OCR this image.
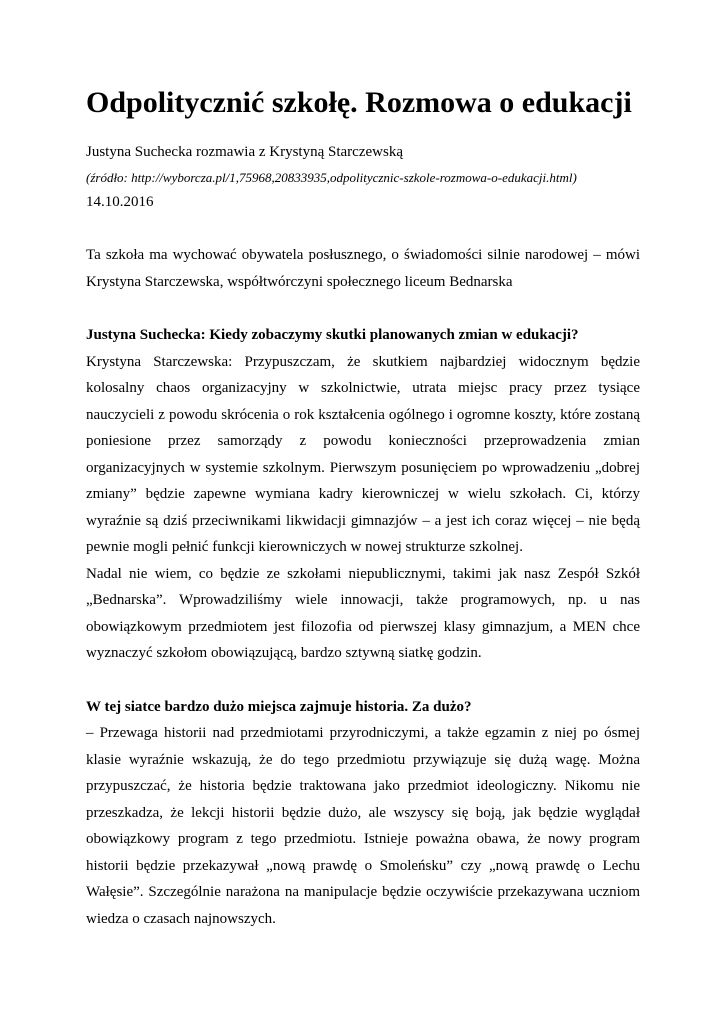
Odpolitycznić szkołę. Rozmowa o edukacji

Justyna Suchecka rozmawia z Krystyną Starczewską

(źródło: http://wyborcza.pl/1,75968,20833935,odpolitycznic-szkole-rozmowa-o-edukacji.html)

14.10.2016

Ta szkoła ma wychować obywatela posłusznego, o świadomości silnie narodowej – mówi Krystyna Starczewska, współtwórczyni społecznego liceum Bednarska

Justyna Suchecka: Kiedy zobaczymy skutki planowanych zmian w edukacji?

Krystyna Starczewska: Przypuszczam, że skutkiem najbardziej widocznym będzie kolosalny chaos organizacyjny w szkolnictwie, utrata miejsc pracy przez tysiące nauczycieli z powodu skrócenia o rok kształcenia ogólnego i ogromne koszty, które zostaną poniesione przez samorządy z powodu konieczności przeprowadzenia zmian organizacyjnych w systemie szkolnym. Pierwszym posunięciem po wprowadzeniu „dobrej zmiany” będzie zapewne wymiana kadry kierowniczej w wielu szkołach. Ci, którzy wyraźnie są dziś przeciwnikami likwidacji gimnazjów – a jest ich coraz więcej – nie będą pewnie mogli pełnić funkcji kierowniczych w nowej strukturze szkolnej.

Nadal nie wiem, co będzie ze szkołami niepublicznymi, takimi jak nasz Zespół Szkół „Bednarska”. Wprowadziliśmy wiele innowacji, także programowych, np. u nas obowiązkowym przedmiotem jest filozofia od pierwszej klasy gimnazjum, a MEN chce wyznaczyć szkołom obowiązującą, bardzo sztywną siatkę godzin.

W tej siatce bardzo dużo miejsca zajmuje historia. Za dużo?

– Przewaga historii nad przedmiotami przyrodniczymi, a także egzamin z niej po ósmej klasie wyraźnie wskazują, że do tego przedmiotu przywiązuje się dużą wagę. Można przypuszczać, że historia będzie traktowana jako przedmiot ideologiczny. Nikomu nie przeszkadza, że lekcji historii będzie dużo, ale wszyscy się boją, jak będzie wyglądał obowiązkowy program z tego przedmiotu. Istnieje poważna obawa, że nowy program historii będzie przekazywał „nową prawdę o Smoleńsku” czy „nową prawdę o Lechu Wałęsie”. Szczególnie narażona na manipulacje będzie oczywiście przekazywana uczniom wiedza o czasach najnowszych.
